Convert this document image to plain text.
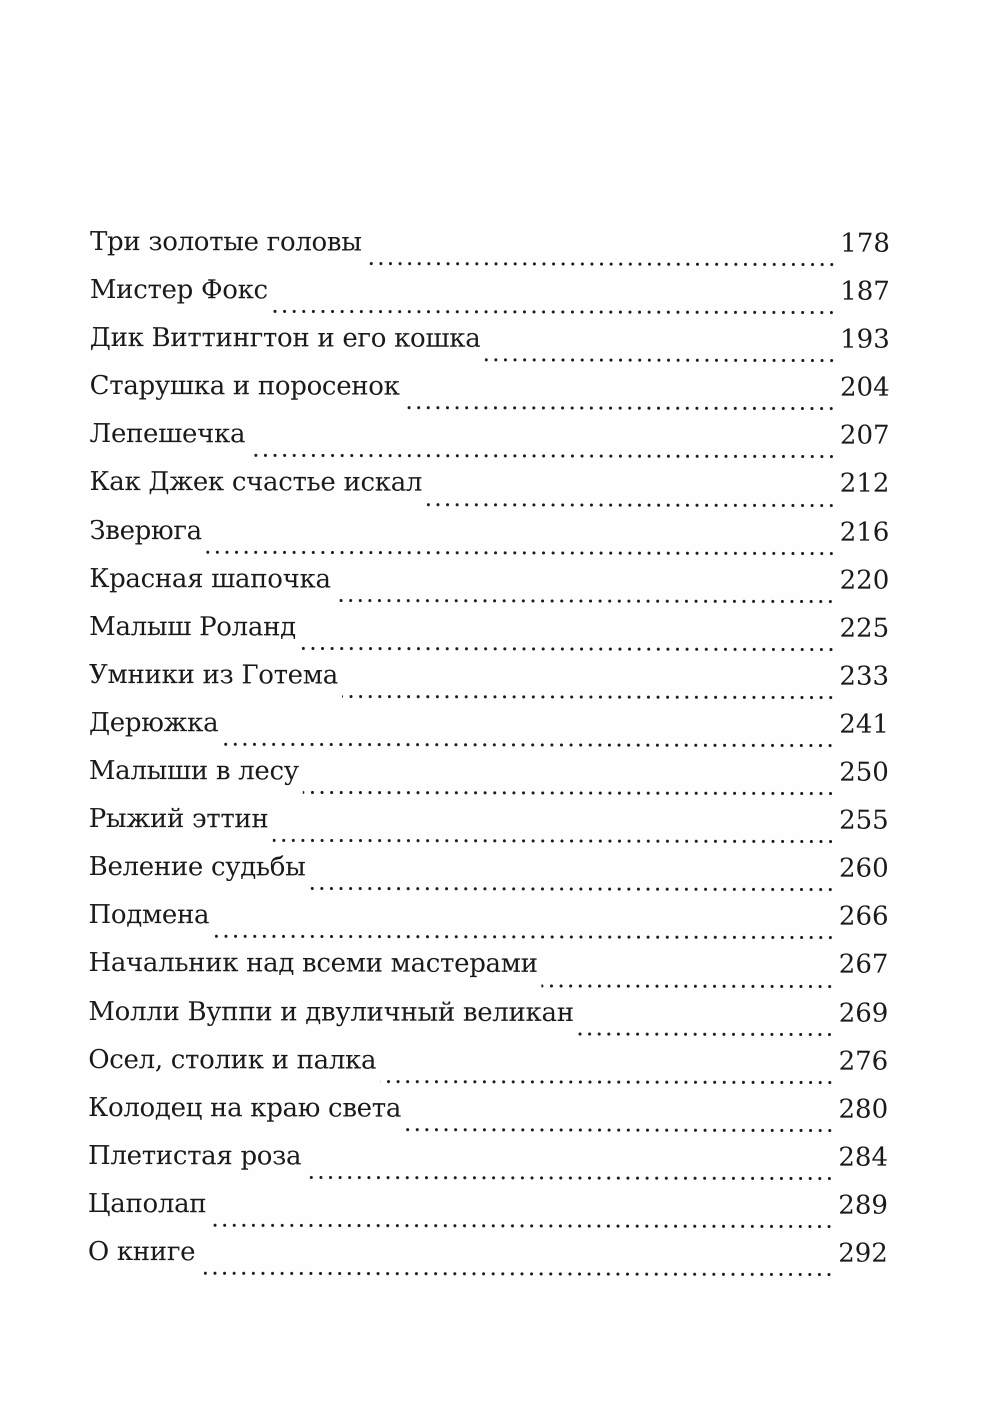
Три золотые головы	178
Мистер Фокс	187
Дик Виттингтон и его кошка	193
Старушка и поросенок	204
Лепешечка	207
Как Джек счастье искал	212
Зверюга	216
Красная шапочка	220
Малыш Роланд	225
Умники из Готема	233
Дерюжка	241
Малыши в лесу	250
Рыжий эттин	255
Веление судьбы	260
Подмена	266
Начальник над всеми мастерами	267
Молли Вуппи и двуличный великан	269
Осел, столик и палка	276
Колодец на краю света	280
Плетистая роза	284
Цаполап	289
О книге	292
